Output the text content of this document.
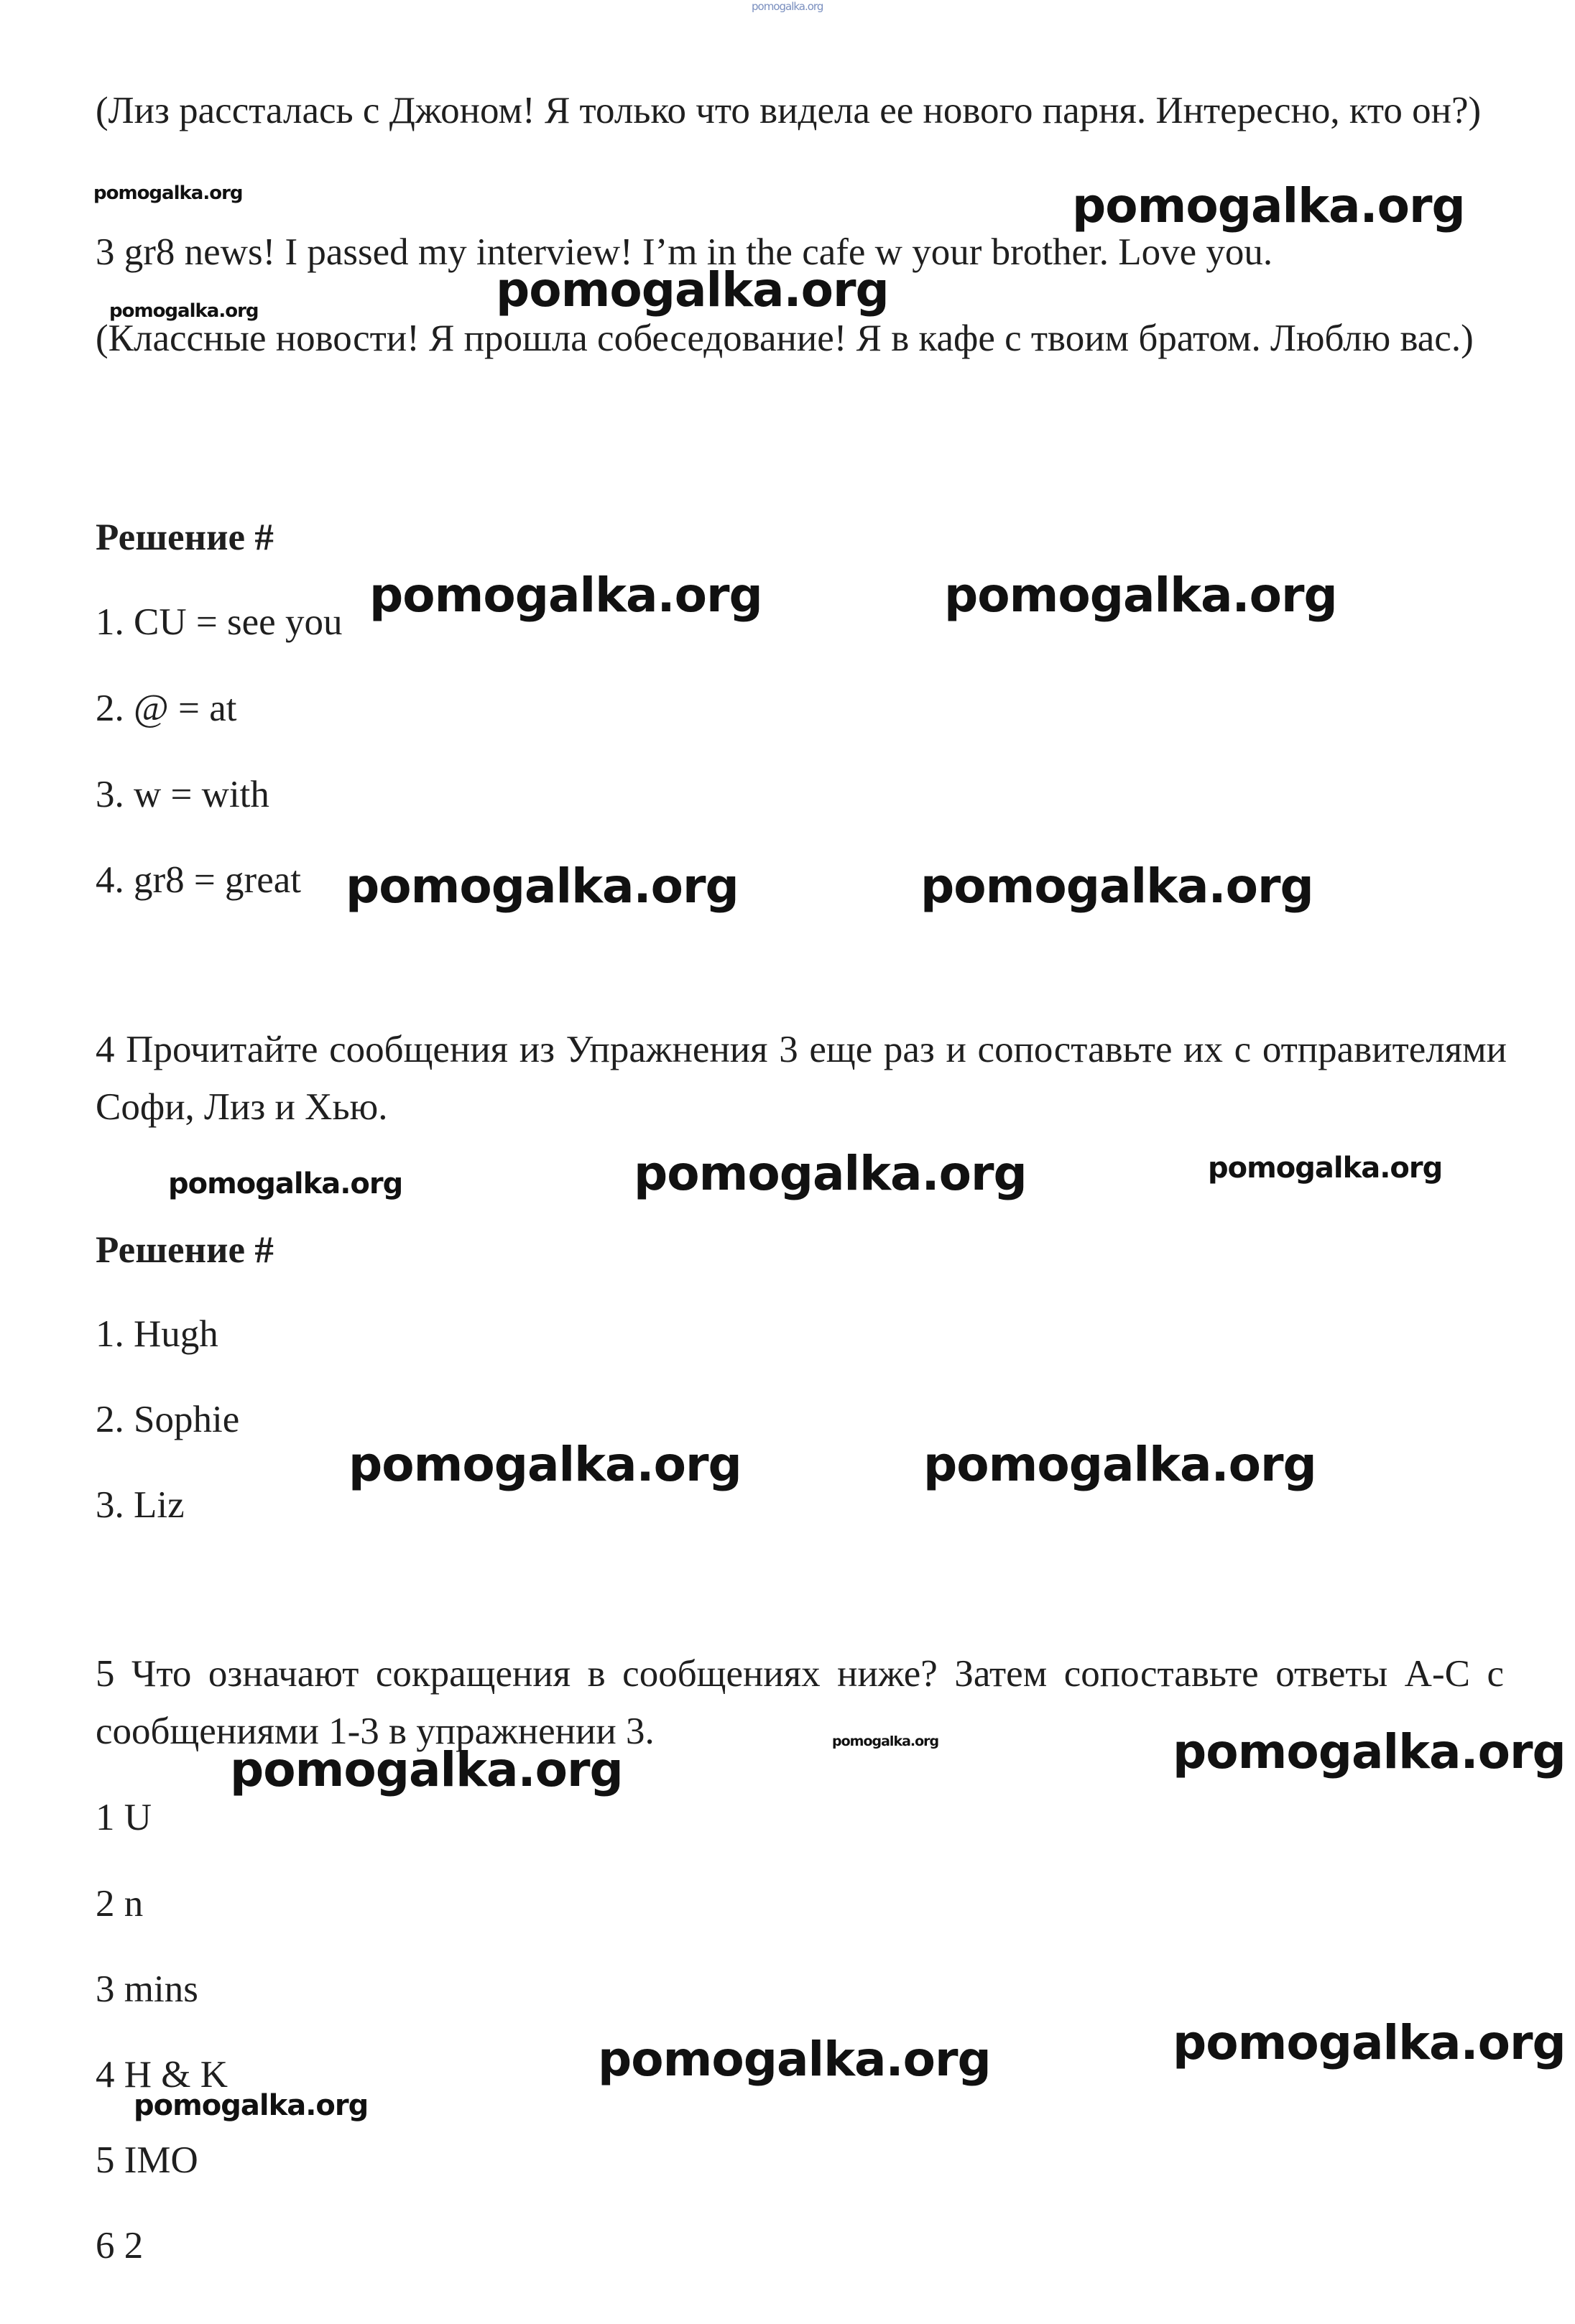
pomogalka.org
(Лиз рассталась с Джоном! Я только что видела ее нового парня. Интересно, кто он?)
pomogalka.org	pomogalka.org
3 gr8 news! I passed my interview! I’m in the cafe w your brother. Love you.
pomogalka.org
pomogalka.org
(Классные новости! Я прошла собеседование! Я в кафе с твоим братом. Люблю вас.)
Решение #
1. CU = see you pomogalka.org	pomogalka.org
2. @ = at
3. w = with
4. gr8 = great pomogalka.org	pomogalka.org
4 Прочитайте сообщения из Упражнения 3 еще раз и сопоставьте их с отправителями Софи, Лиз и Хью.
pomogalka.org	pomogalka.org	pomogalka.org
Решение #
1. Hugh
2. Sophie
pomogalka.org	pomogalka.org
3. Liz
5 Что означают сокращения в сообщениях ниже? Затем сопоставьте ответы A-C с сообщениями 1-3 в упражнении 3.	pomogalka.org	pomogalka.org
pomogalka.org
1 U
2 n
3 mins
4 H & K	pomogalka.org	pomogalka.org
pomogalka.org
5 IMO
6 2
